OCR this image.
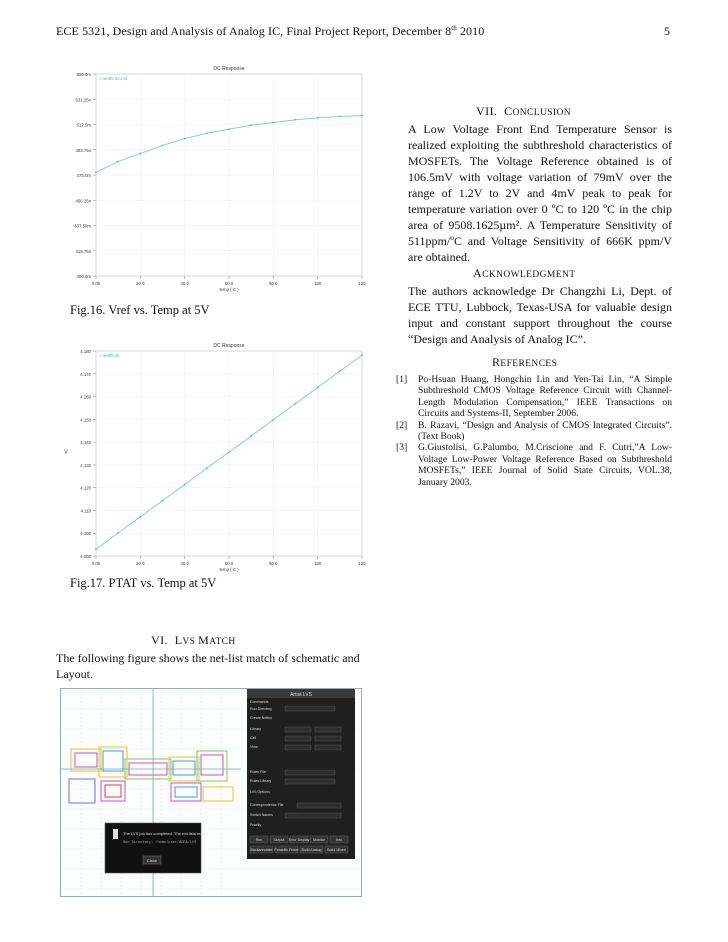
ECE 5321, Design and Analysis of Analog IC, Final Project Report, December 8th 2010	5
DC Response
/ net05 dc.mil
550.0m
531.25n
512.5m
493.75n
475.0m
456.25n
437.50m
418.75n
400.0m
0.00	20.0	40.0	60.0	80.0	100	120
temp ( C )
Fig.16. Vref vs. Temp at 5V
DC Response
/ net05 dc
4.180
4.170
4.160
4.150
4.140
4.130
4.120
4.110
4.100
4.090
0.00	20.0	40.0	60.0	80.0	100	120
temp ( C )
V
Fig.17. PTAT vs. Temp at 5V
VI. LVS MATCH
The following figure shows the net-list match of schematic and Layout.
Artist LVS
Commands
Run Directory
Create Netlist
Library
Cell
View
Rules File
Rules Library
LVS Options
Correspondence File
Switch Names
Priority
Run	Output Error Display Monitor	Info
Backannotate Parasitic Probe Build Analog Build Mixed
The LVS job has completed. The net-lists match.
Run Directory: /home/user/ADEA/LVS
Close
VII. CONCLUSION
A Low Voltage Front End Temperature Sensor is realized exploiting the subthreshold characteristics of MOSFETs. The Voltage Reference obtained is of 106.5mV with voltage variation of 79mV over the range of 1.2V to 2V and 4mV peak to peak for temperature variation over 0 ºC to 120 ºC in the chip area of 9508.1625µm². A Temperature Sensitivity of 511ppm/ºC and Voltage Sensitivity of 666K ppm/V are obtained.
ACKNOWLEDGMENT
The authors acknowledge Dr Changzhi Li, Dept. of ECE TTU, Lubbock, Texas-USA for valuable design input and constant support throughout the course “Design and Analysis of Analog IC”.
REFERENCES
[1] Po-Hsuan Huang, Hongchin Lin and Yen-Tai Lin, “A Simple Subthreshold CMOS Voltage Reference Circuit with Channel-Length Modulation Compensation,” IEEE Transactions on Circuits and Systems-II, September 2006.
[2] B. Razavi, “Design and Analysis of CMOS Integrated Circuits”. (Text Book)
[3] G.Giustolisi, G.Palumbo, M.Criscione and F. Cutri,”A Low-Voltage Low-Power Voltage Reference Based on Subthreshold MOSFETs,” IEEE Journal of Solid State Circuits, VOL.38, January 2003.
